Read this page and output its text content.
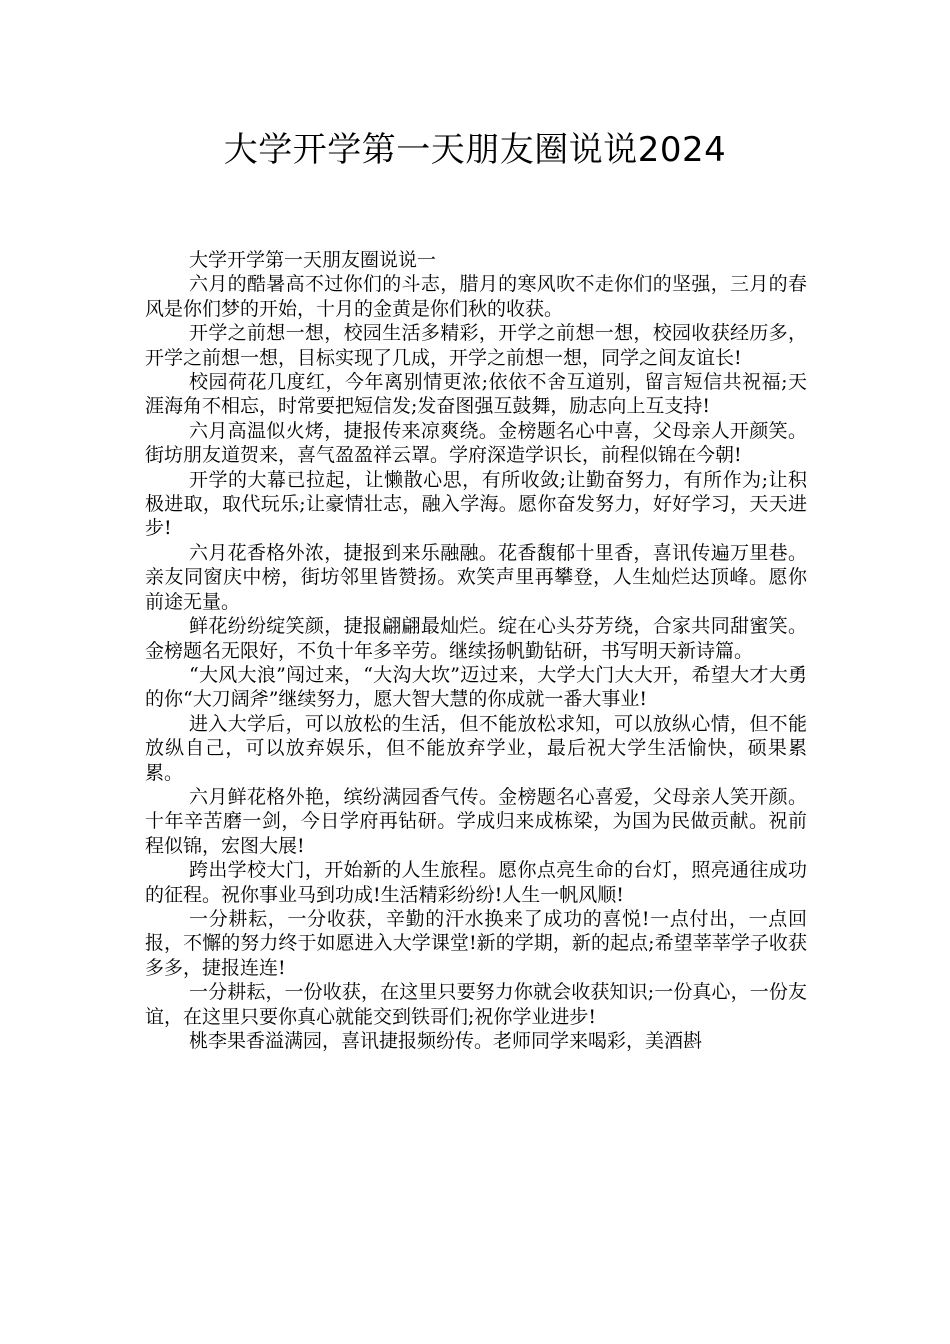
大学开学第一天朋友圈说说2024

大学开学第一天朋友圈说说一

六月的酷暑高不过你们的斗志，腊月的寒风吹不走你们的坚强，三月的春风是你们梦的开始，十月的金黄是你们秋的收获。

开学之前想一想，校园生活多精彩，开学之前想一想，校园收获经历多，开学之前想一想，目标实现了几成，开学之前想一想，同学之间友谊长!

校园荷花几度红，今年离别情更浓;依依不舍互道别，留言短信共祝福;天涯海角不相忘，时常要把短信发;发奋图强互鼓舞，励志向上互支持!

六月高温似火烤，捷报传来凉爽绕。金榜题名心中喜，父母亲人开颜笑。街坊朋友道贺来，喜气盈盈祥云罩。学府深造学识长，前程似锦在今朝!

开学的大幕已拉起，让懒散心思，有所收敛;让勤奋努力，有所作为;让积极进取，取代玩乐;让豪情壮志，融入学海。愿你奋发努力，好好学习，天天进步!

六月花香格外浓，捷报到来乐融融。花香馥郁十里香，喜讯传遍万里巷。亲友同窗庆中榜，街坊邻里皆赞扬。欢笑声里再攀登，人生灿烂达顶峰。愿你前途无量。

鲜花纷纷绽笑颜，捷报翩翩最灿烂。绽在心头芬芳绕，合家共同甜蜜笑。金榜题名无限好，不负十年多辛劳。继续扬帆勤钻研，书写明天新诗篇。

“大风大浪”闯过来，“大沟大坎”迈过来，大学大门大大开，希望大才大勇的你“大刀阔斧”继续努力，愿大智大慧的你成就一番大事业!

进入大学后，可以放松的生活，但不能放松求知，可以放纵心情，但不能放纵自己，可以放弃娱乐，但不能放弃学业，最后祝大学生活愉快，硕果累累。

六月鲜花格外艳，缤纷满园香气传。金榜题名心喜爱，父母亲人笑开颜。十年辛苦磨一剑，今日学府再钻研。学成归来成栋梁，为国为民做贡献。祝前程似锦，宏图大展!

跨出学校大门，开始新的人生旅程。愿你点亮生命的台灯，照亮通往成功的征程。祝你事业马到功成!生活精彩纷纷!人生一帆风顺!

一分耕耘，一分收获，辛勤的汗水换来了成功的喜悦!一点付出，一点回报，不懈的努力终于如愿进入大学课堂!新的学期，新的起点;希望莘莘学子收获多多，捷报连连!

一分耕耘，一份收获，在这里只要努力你就会收获知识;一份真心，一份友谊，在这里只要你真心就能交到铁哥们;祝你学业进步!

桃李果香溢满园，喜讯捷报频纷传。老师同学来喝彩，美酒斟
